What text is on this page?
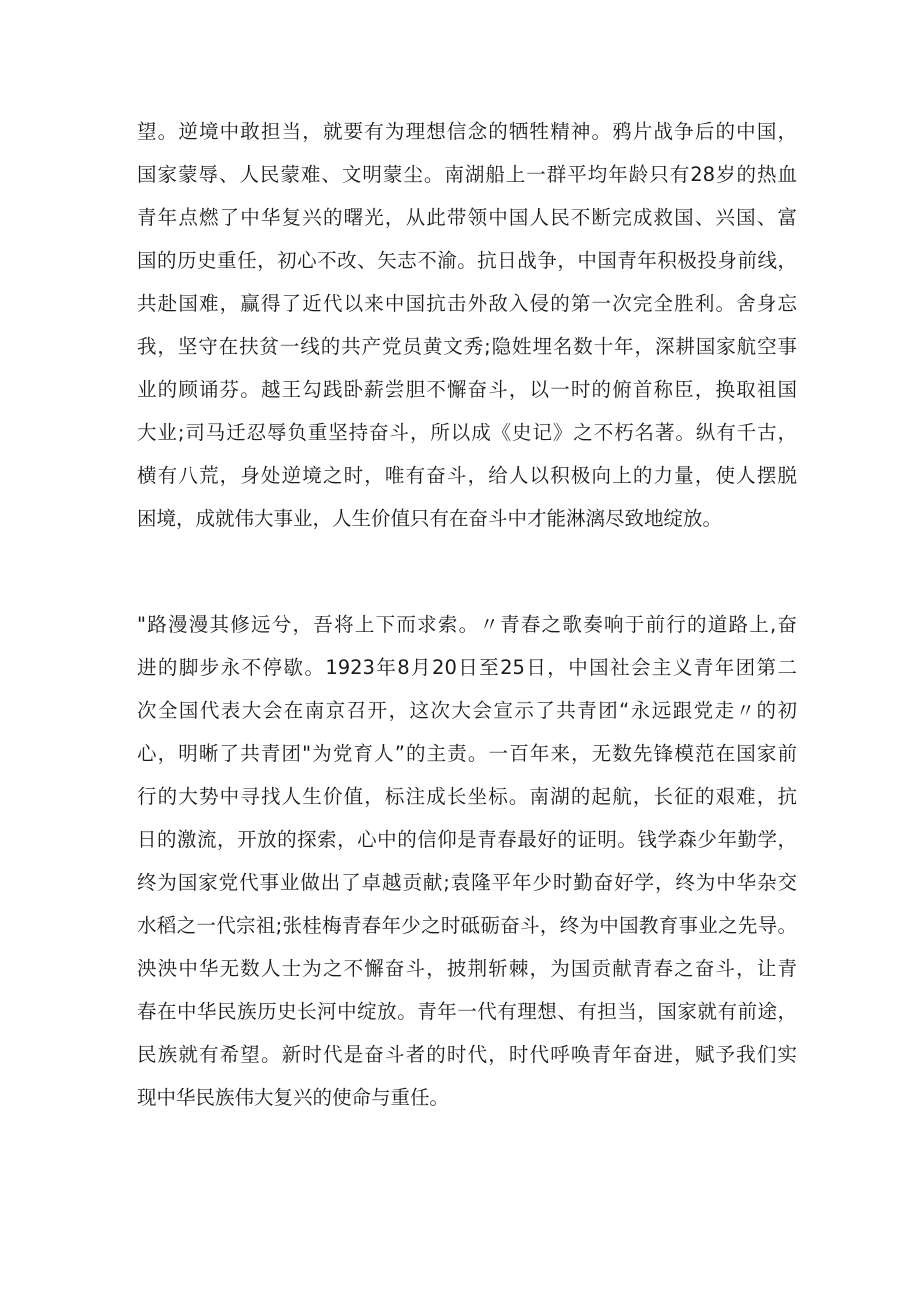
望。逆境中敢担当，就要有为理想信念的牺牲精神。鸦片战争后的中国，
国家蒙辱、人民蒙难、文明蒙尘。南湖船上一群平均年龄只有28岁的热血
青年点燃了中华复兴的曙光，从此带领中国人民不断完成救国、兴国、富
国的历史重任，初心不改、矢志不渝。抗日战争，中国青年积极投身前线，
共赴国难，赢得了近代以来中国抗击外敌入侵的第一次完全胜利。舍身忘
我，坚守在扶贫一线的共产党员黄文秀;隐姓埋名数十年，深耕国家航空事
业的顾诵芬。越王勾践卧薪尝胆不懈奋斗，以一时的俯首称臣，换取祖国
大业;司马迁忍辱负重坚持奋斗，所以成《史记》之不朽名著。纵有千古，
横有八荒，身处逆境之时，唯有奋斗，给人以积极向上的力量，使人摆脱
困境，成就伟大事业，人生价值只有在奋斗中才能淋漓尽致地绽放。
"路漫漫其修远兮，吾将上下而求索。〃青春之歌奏响于前行的道路上,奋
进的脚步永不停歇。1923年8月20日至25日，中国社会主义青年团第二
次全国代表大会在南京召开，这次大会宣示了共青团“永远跟党走〃的初
心，明晰了共青团"为党育人”的主责。一百年来，无数先锋模范在国家前
行的大势中寻找人生价值，标注成长坐标。南湖的起航，长征的艰难，抗
日的激流，开放的探索，心中的信仰是青春最好的证明。钱学森少年勤学，
终为国家党代事业做出了卓越贡献;袁隆平年少时勤奋好学，终为中华杂交
水稻之一代宗祖;张桂梅青春年少之时砥砺奋斗，终为中国教育事业之先导。
泱泱中华无数人士为之不懈奋斗，披荆斩棘，为国贡献青春之奋斗，让青
春在中华民族历史长河中绽放。青年一代有理想、有担当，国家就有前途，
民族就有希望。新时代是奋斗者的时代，时代呼唤青年奋进，赋予我们实
现中华民族伟大复兴的使命与重任。
